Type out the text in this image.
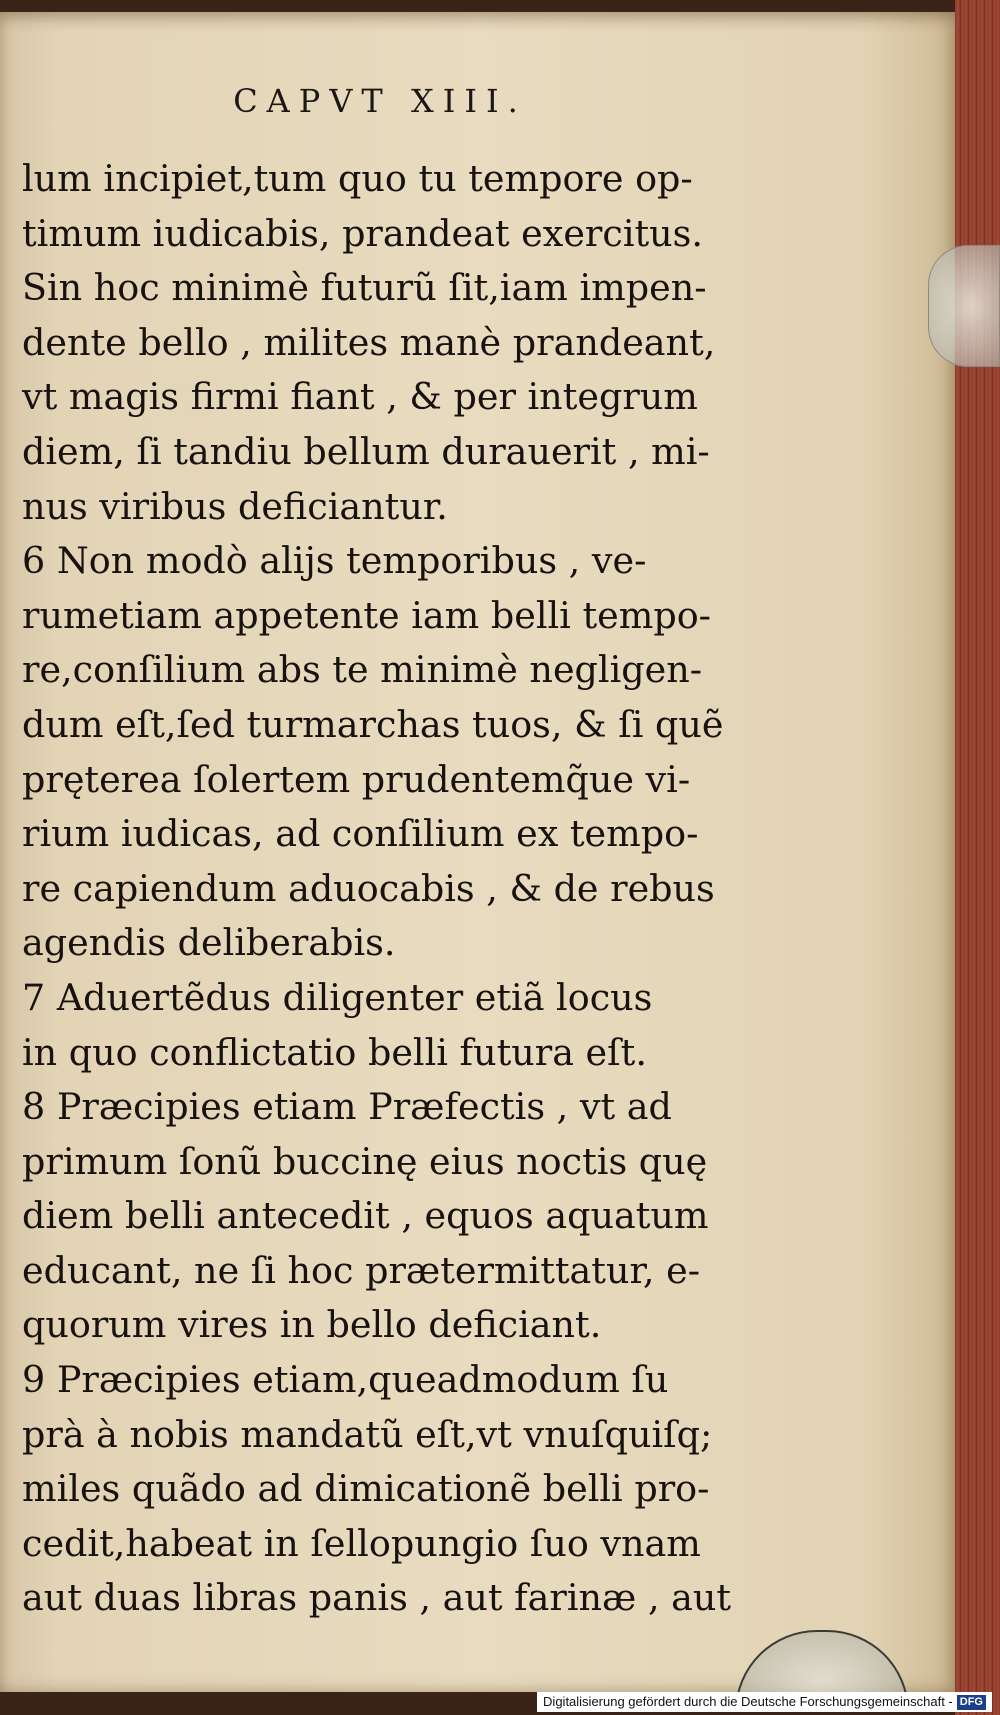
CAPVT XIII.
lum incipiet,tum quo tu tempore op-
timum iudicabis, prandeat exercitus.
Sin hoc minimè futurũ ſit,iam impen-
dente bello , milites manè prandeant,
vt magis firmi fiant , & per integrum
diem, ſi tandiu bellum durauerit , mi-
nus viribus deficiantur.
6 Non modò alijs temporibus , ve-
rumetiam appetente iam belli tempo-
re,conſilium abs te minimè negligen-
dum eſt,ſed turmarchas tuos, & ſi quẽ
pręterea ſolertem prudentemq̃ue vi-
rium iudicas, ad conſilium ex tempo-
re capiendum aduocabis , & de rebus
agendis deliberabis.
7 Aduertẽdus diligenter etiã locus
in quo conflictatio belli futura eſt.
8 Præcipies etiam Præfectis , vt ad
primum ſonũ buccinę eius noctis quę
diem belli antecedit , equos aquatum
educant, ne ſi hoc prætermittatur, e-
quorum vires in bello deficiant.
9 Præcipies etiam,queadmodum ſu
prà à nobis mandatũ eſt,vt vnuſquiſq;
miles quãdo ad dimicationẽ belli pro-
cedit,habeat in ſellopungio ſuo vnam
aut duas libras panis , aut farinæ , aut
Digitalisierung gefördert durch die Deutsche Forschungsgemeinschaft - DFG
